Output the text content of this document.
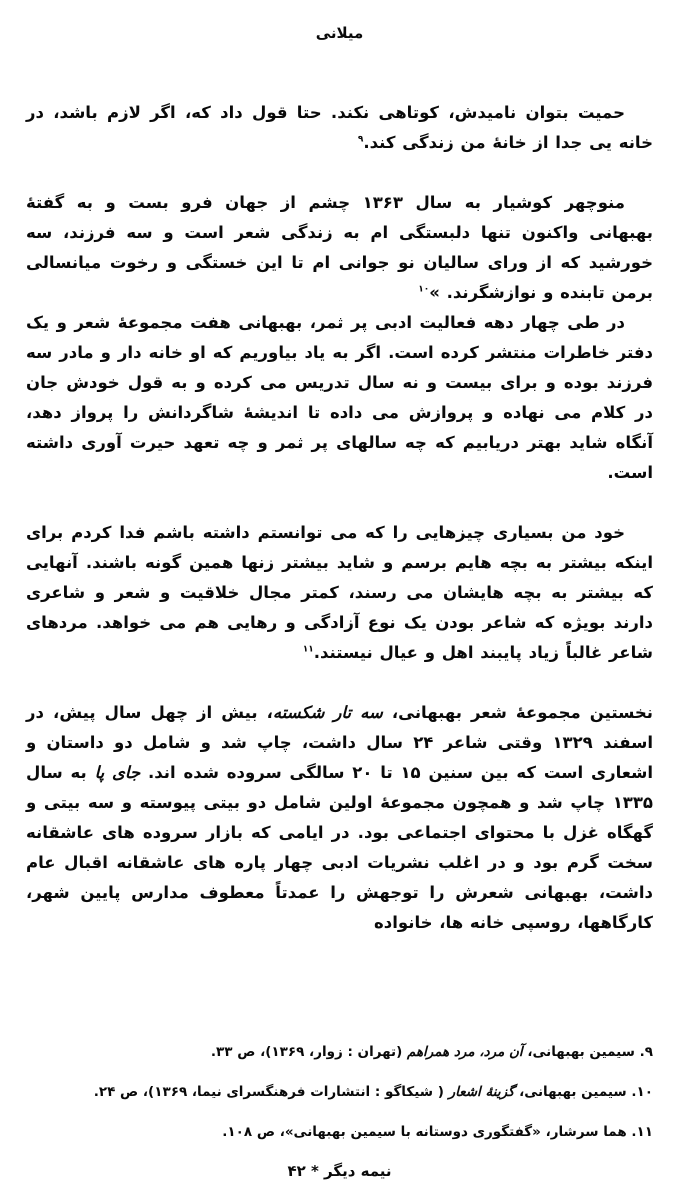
میلانی

حمیت بتوان نامیدش، کوتاهی نکند. حتا قول داد که، اگر لازم باشد، در خانه یی جدا از خانهٔ من زندگی کند.$^۹$

منوچهر کوشیار به سال ۱۳۶۳ چشم از جهان فرو بست و به گفتهٔ بهبهانی واکنون تنها دلبستگی ام به زندگی شعر است و سه فرزند، سه خورشید که از ورای سالیان نو جوانی ام تا این خستگی و رخوت میانسالی برمن تابنده و نوازشگرند. »$^{۱۰}$

در طی چهار دهه فعالیت ادبی پر ثمر، بهبهانی هفت مجموعهٔ شعر و یک دفتر خاطرات منتشر کرده است. اگر به یاد بیاوریم که او خانه دار و مادر سه فرزند بوده و برای بیست و نه سال تدریس می کرده و به قول خودش جان در کلام می نهاده و پروازش می داده تا اندیشهٔ شاگردانش را پرواز دهد، آنگاه شاید بهتر دریابیم که چه سالهای پر ثمر و چه تعهد حیرت آوری داشته است.

خود من بسیاری چیزهایی را که می توانستم داشته باشم فدا کردم برای اینکه بیشتر به بچه هایم برسم و شاید بیشتر زنها همین گونه باشند. آنهایی که بیشتر به بچه هایشان می رسند، کمتر مجال خلاقیت و شعر و شاعری دارند بویژه که شاعر بودن یک نوع آزادگی و رهایی هم می خواهد. مردهای شاعر غالباً زیاد پایبند اهل و عیال نیستند.$^{۱۱}$

نخستین مجموعهٔ شعر بهبهانی، سه تار شکسته، بیش از چهل سال پیش، در اسفند ۱۳۲۹ وقتی شاعر ۲۴ سال داشت، چاپ شد و شامل دو داستان و اشعاری است که بین سنین ۱۵ تا ۲۰ سالگی سروده شده اند. جای پا به سال ۱۳۳۵ چاپ شد و همچون مجموعهٔ اولین شامل دو بیتی پیوسته و سه بیتی و گهگاه غزل با محتوای اجتماعی بود. در ایامی که بازار سروده های عاشقانه سخت گرم بود و در اغلب نشریات ادبی چهار پاره های عاشقانه اقبال عام داشت، بهبهانی شعرش را توجهش را عمدتاً معطوف مدارس پایین شهر، کارگاهها، روسپی خانه ها، خانواده

۹. سیمین بهبهانی، آن مرد، مرد همراهم (تهران : زوار، ۱۳۶۹)، ص ۳۳.
۱۰. سیمین بهبهانی، گزینهٔ اشعار ( شیکاگو : انتشارات فرهنگسرای نیما، ۱۳۶۹)، ص ۲۴.
۱۱. هما سرشار، «گفتگوری دوستانه با سیمین بهبهانی»، ص ۱۰۸.
نیمه دیگر * ۴۲
